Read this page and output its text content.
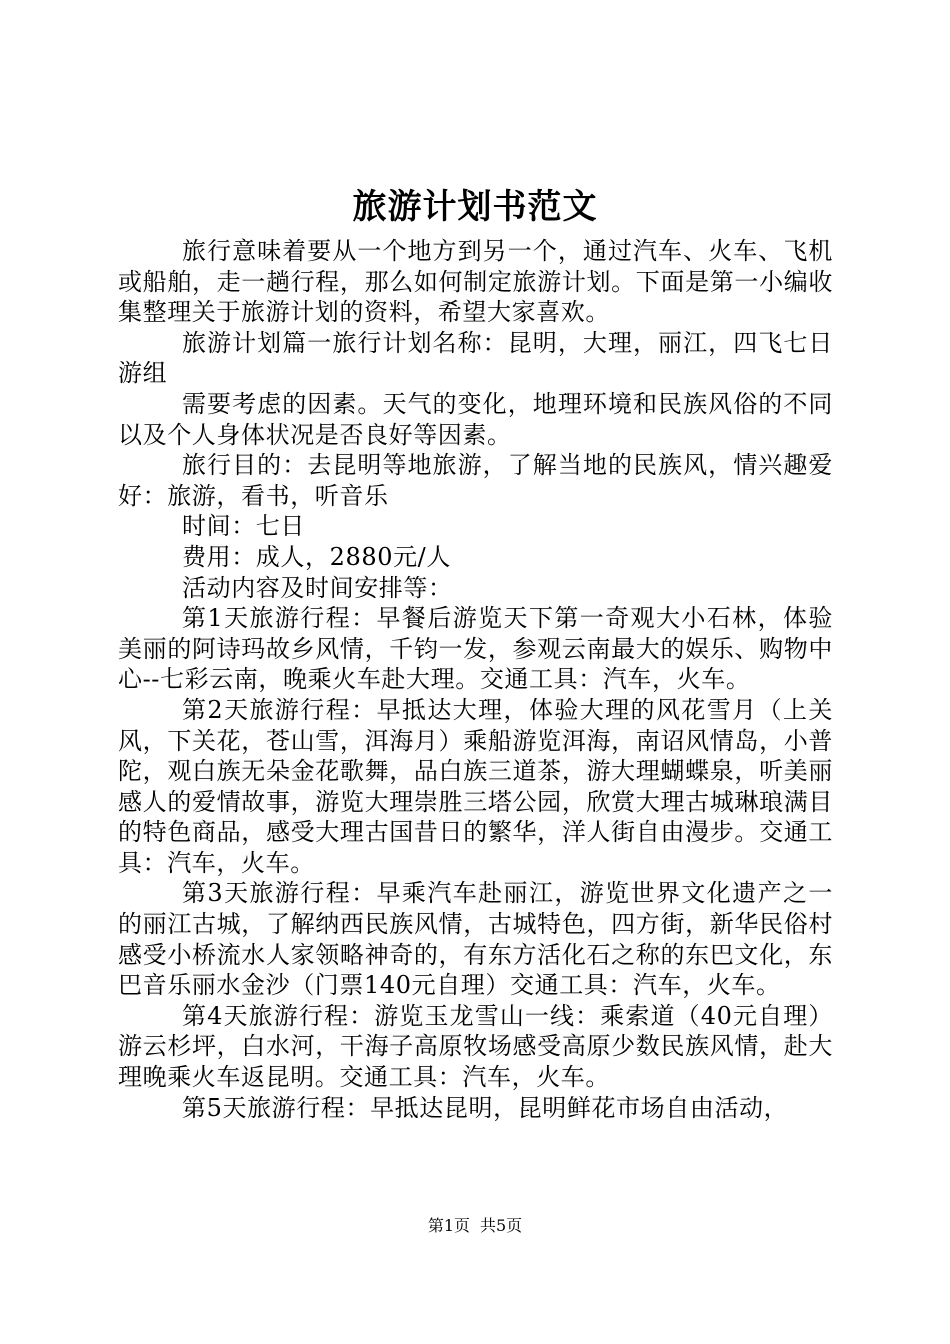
旅游计划书范文

旅行意味着要从一个地方到另一个，通过汽车、火车、飞机或船舶，走一趟行程，那么如何制定旅游计划。下面是第一小编收集整理关于旅游计划的资料，希望大家喜欢。

旅游计划篇一旅行计划名称：昆明，大理，丽江，四飞七日游组

需要考虑的因素。天气的变化，地理环境和民族风俗的不同以及个人身体状况是否良好等因素。

旅行目的：去昆明等地旅游，了解当地的民族风，情兴趣爱好：旅游，看书，听音乐

时间：七日

费用：成人，2880元/人

活动内容及时间安排等：

第1天旅游行程：早餐后游览天下第一奇观大小石林，体验美丽的阿诗玛故乡风情，千钧一发，参观云南最大的娱乐、购物中心--七彩云南，晚乘火车赴大理。交通工具：汽车，火车。

第2天旅游行程：早抵达大理，体验大理的风花雪月（上关风，下关花，苍山雪，洱海月）乘船游览洱海，南诏风情岛，小普陀，观白族无朵金花歌舞，品白族三道茶，游大理蝴蝶泉，听美丽感人的爱情故事，游览大理崇胜三塔公园，欣赏大理古城琳琅满目的特色商品，感受大理古国昔日的繁华，洋人街自由漫步。交通工具：汽车，火车。

第3天旅游行程：早乘汽车赴丽江，游览世界文化遗产之一的丽江古城，了解纳西民族风情，古城特色，四方街，新华民俗村感受小桥流水人家领略神奇的，有东方活化石之称的东巴文化，东巴音乐丽水金沙（门票140元自理）交通工具：汽车，火车。

第4天旅游行程：游览玉龙雪山一线：乘索道（40元自理）游云杉坪，白水河，干海子高原牧场感受高原少数民族风情，赴大理晚乘火车返昆明。交通工具：汽车，火车。

第5天旅游行程：早抵达昆明，昆明鲜花市场自由活动，

第1页 共5页
